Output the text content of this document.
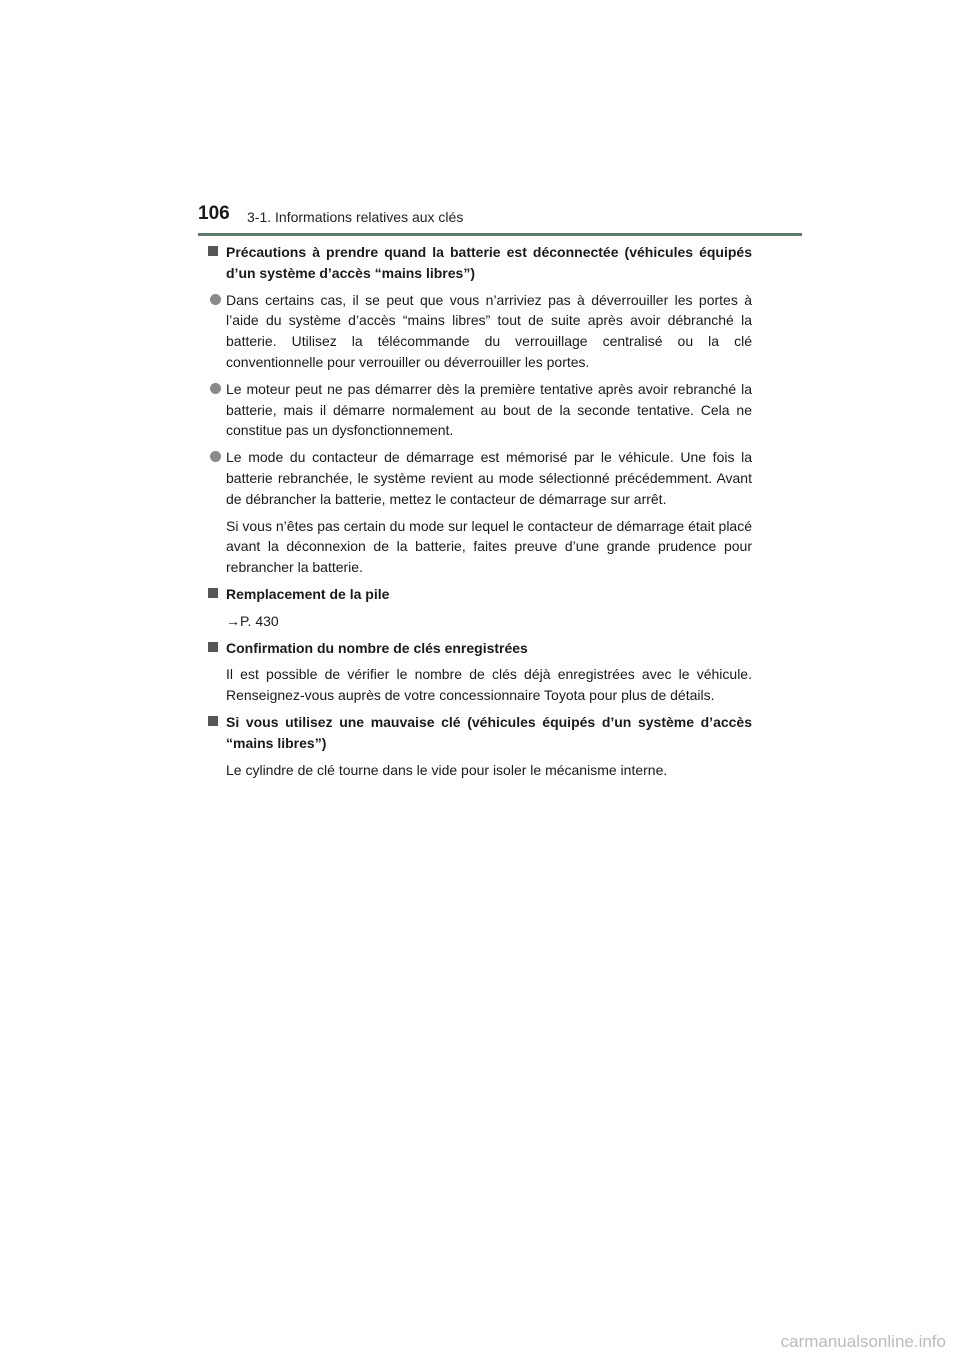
106 3-1. Informations relatives aux clés
Précautions à prendre quand la batterie est déconnectée (véhicules équipés d’un système d’accès “mains libres”)
Dans certains cas, il se peut que vous n’arriviez pas à déverrouiller les portes à l’aide du système d’accès “mains libres” tout de suite après avoir débranché la batterie. Utilisez la télécommande du verrouillage centralisé ou la clé conventionnelle pour verrouiller ou déverrouiller les portes.
Le moteur peut ne pas démarrer dès la première tentative après avoir rebranché la batterie, mais il démarre normalement au bout de la seconde tentative. Cela ne constitue pas un dysfonctionnement.
Le mode du contacteur de démarrage est mémorisé par le véhicule. Une fois la batterie rebranchée, le système revient au mode sélectionné précédemment. Avant de débrancher la batterie, mettez le contacteur de démarrage sur arrêt.
Si vous n’êtes pas certain du mode sur lequel le contacteur de démarrage était placé avant la déconnexion de la batterie, faites preuve d’une grande prudence pour rebrancher la batterie.
Remplacement de la pile
→P. 430
Confirmation du nombre de clés enregistrées
Il est possible de vérifier le nombre de clés déjà enregistrées avec le véhicule. Renseignez-vous auprès de votre concessionnaire Toyota pour plus de détails.
Si vous utilisez une mauvaise clé (véhicules équipés d’un système d’accès “mains libres”)
Le cylindre de clé tourne dans le vide pour isoler le mécanisme interne.
carmanualsonline.info
